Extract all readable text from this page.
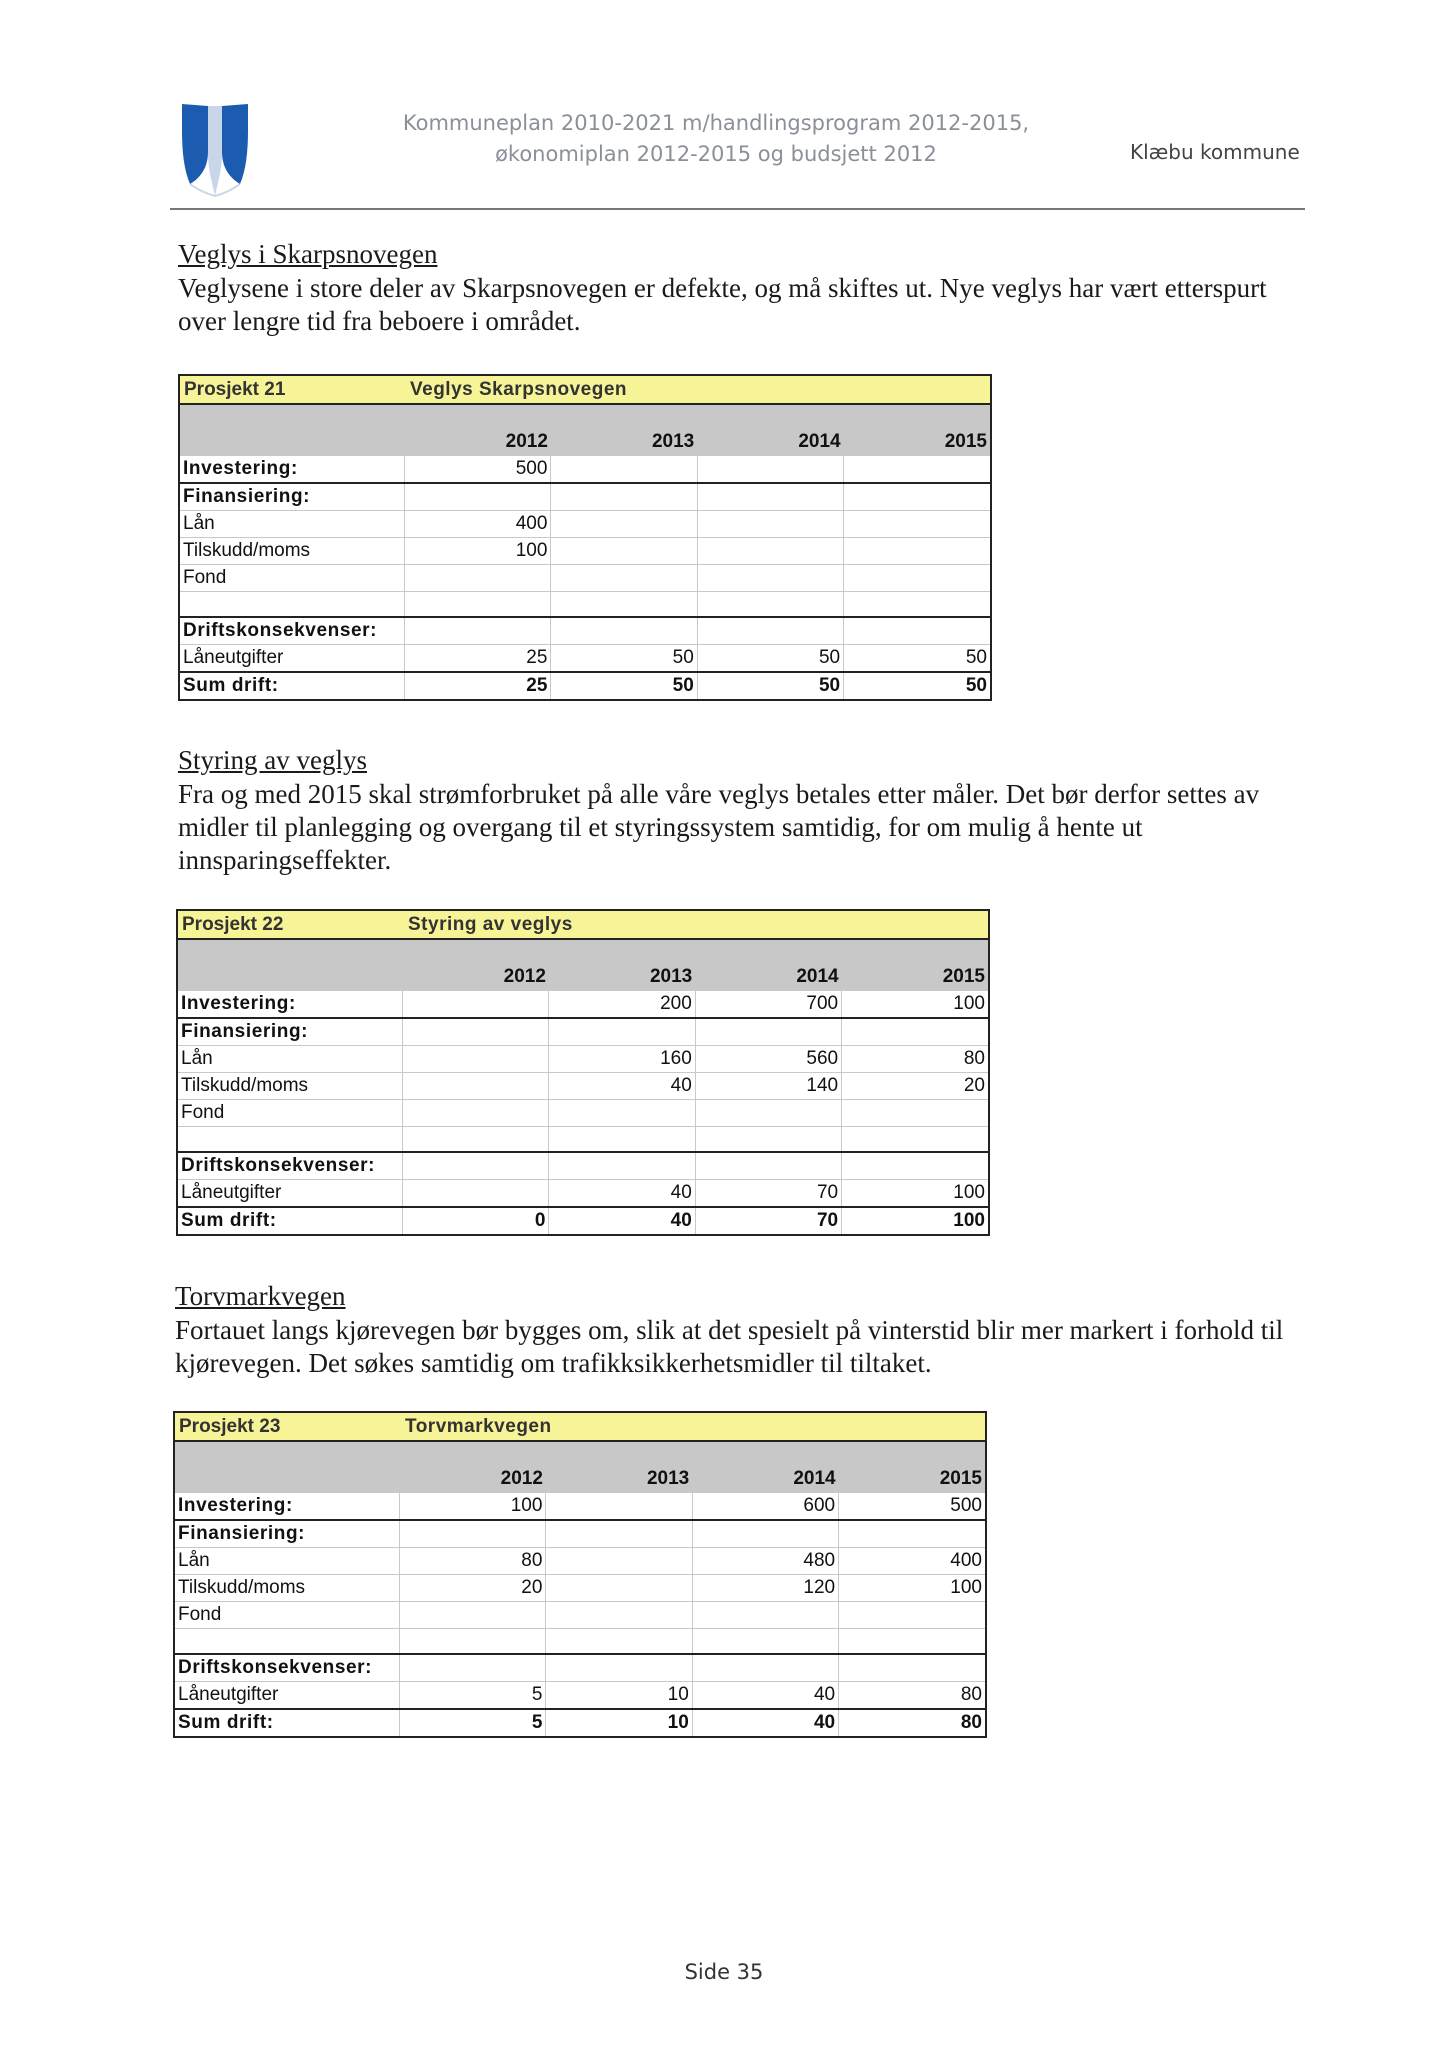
Kommuneplan 2010-2021 m/handlingsprogram 2012-2015,
økonomiplan 2012-2015 og budsjett 2012	Klæbu kommune
Veglys i Skarpsnovegen

Veglysene i store deler av Skarpsnovegen er defekte, og må skiftes ut. Nye veglys har vært etterspurt over lengre tid fra beboere i området.

Prosjekt 21	Veglys Skarpsnovegen
	2012	2013	2014	2015
Investering:	500			
Finansiering:				
Lån	400			
Tilskudd/moms	100			
Fond				

Driftskonsekvenser:				
Låneutgifter	25	50	50	50
Sum drift:	25	50	50	50
Styring av veglys

Fra og med 2015 skal strømforbruket på alle våre veglys betales etter måler. Det bør derfor settes av midler til planlegging og overgang til et styringssystem samtidig, for om mulig å hente ut innsparingseffekter.

Prosjekt 22	Styring av veglys
	2012	2013	2014	2015
Investering:		200	700	100
Finansiering:				
Lån		160	560	80
Tilskudd/moms		40	140	20
Fond				

Driftskonsekvenser:				
Låneutgifter		40	70	100
Sum drift:	0	40	70	100
Torvmarkvegen

Fortauet langs kjørevegen bør bygges om, slik at det spesielt på vinterstid blir mer markert i forhold til kjørevegen. Det søkes samtidig om trafikksikkerhetsmidler til tiltaket.

Prosjekt 23	Torvmarkvegen
	2012	2013	2014	2015
Investering:	100		600	500
Finansiering:				
Lån	80		480	400
Tilskudd/moms	20		120	100
Fond				

Driftskonsekvenser:				
Låneutgifter	5	10	40	80
Sum drift:	5	10	40	80
Side 35
